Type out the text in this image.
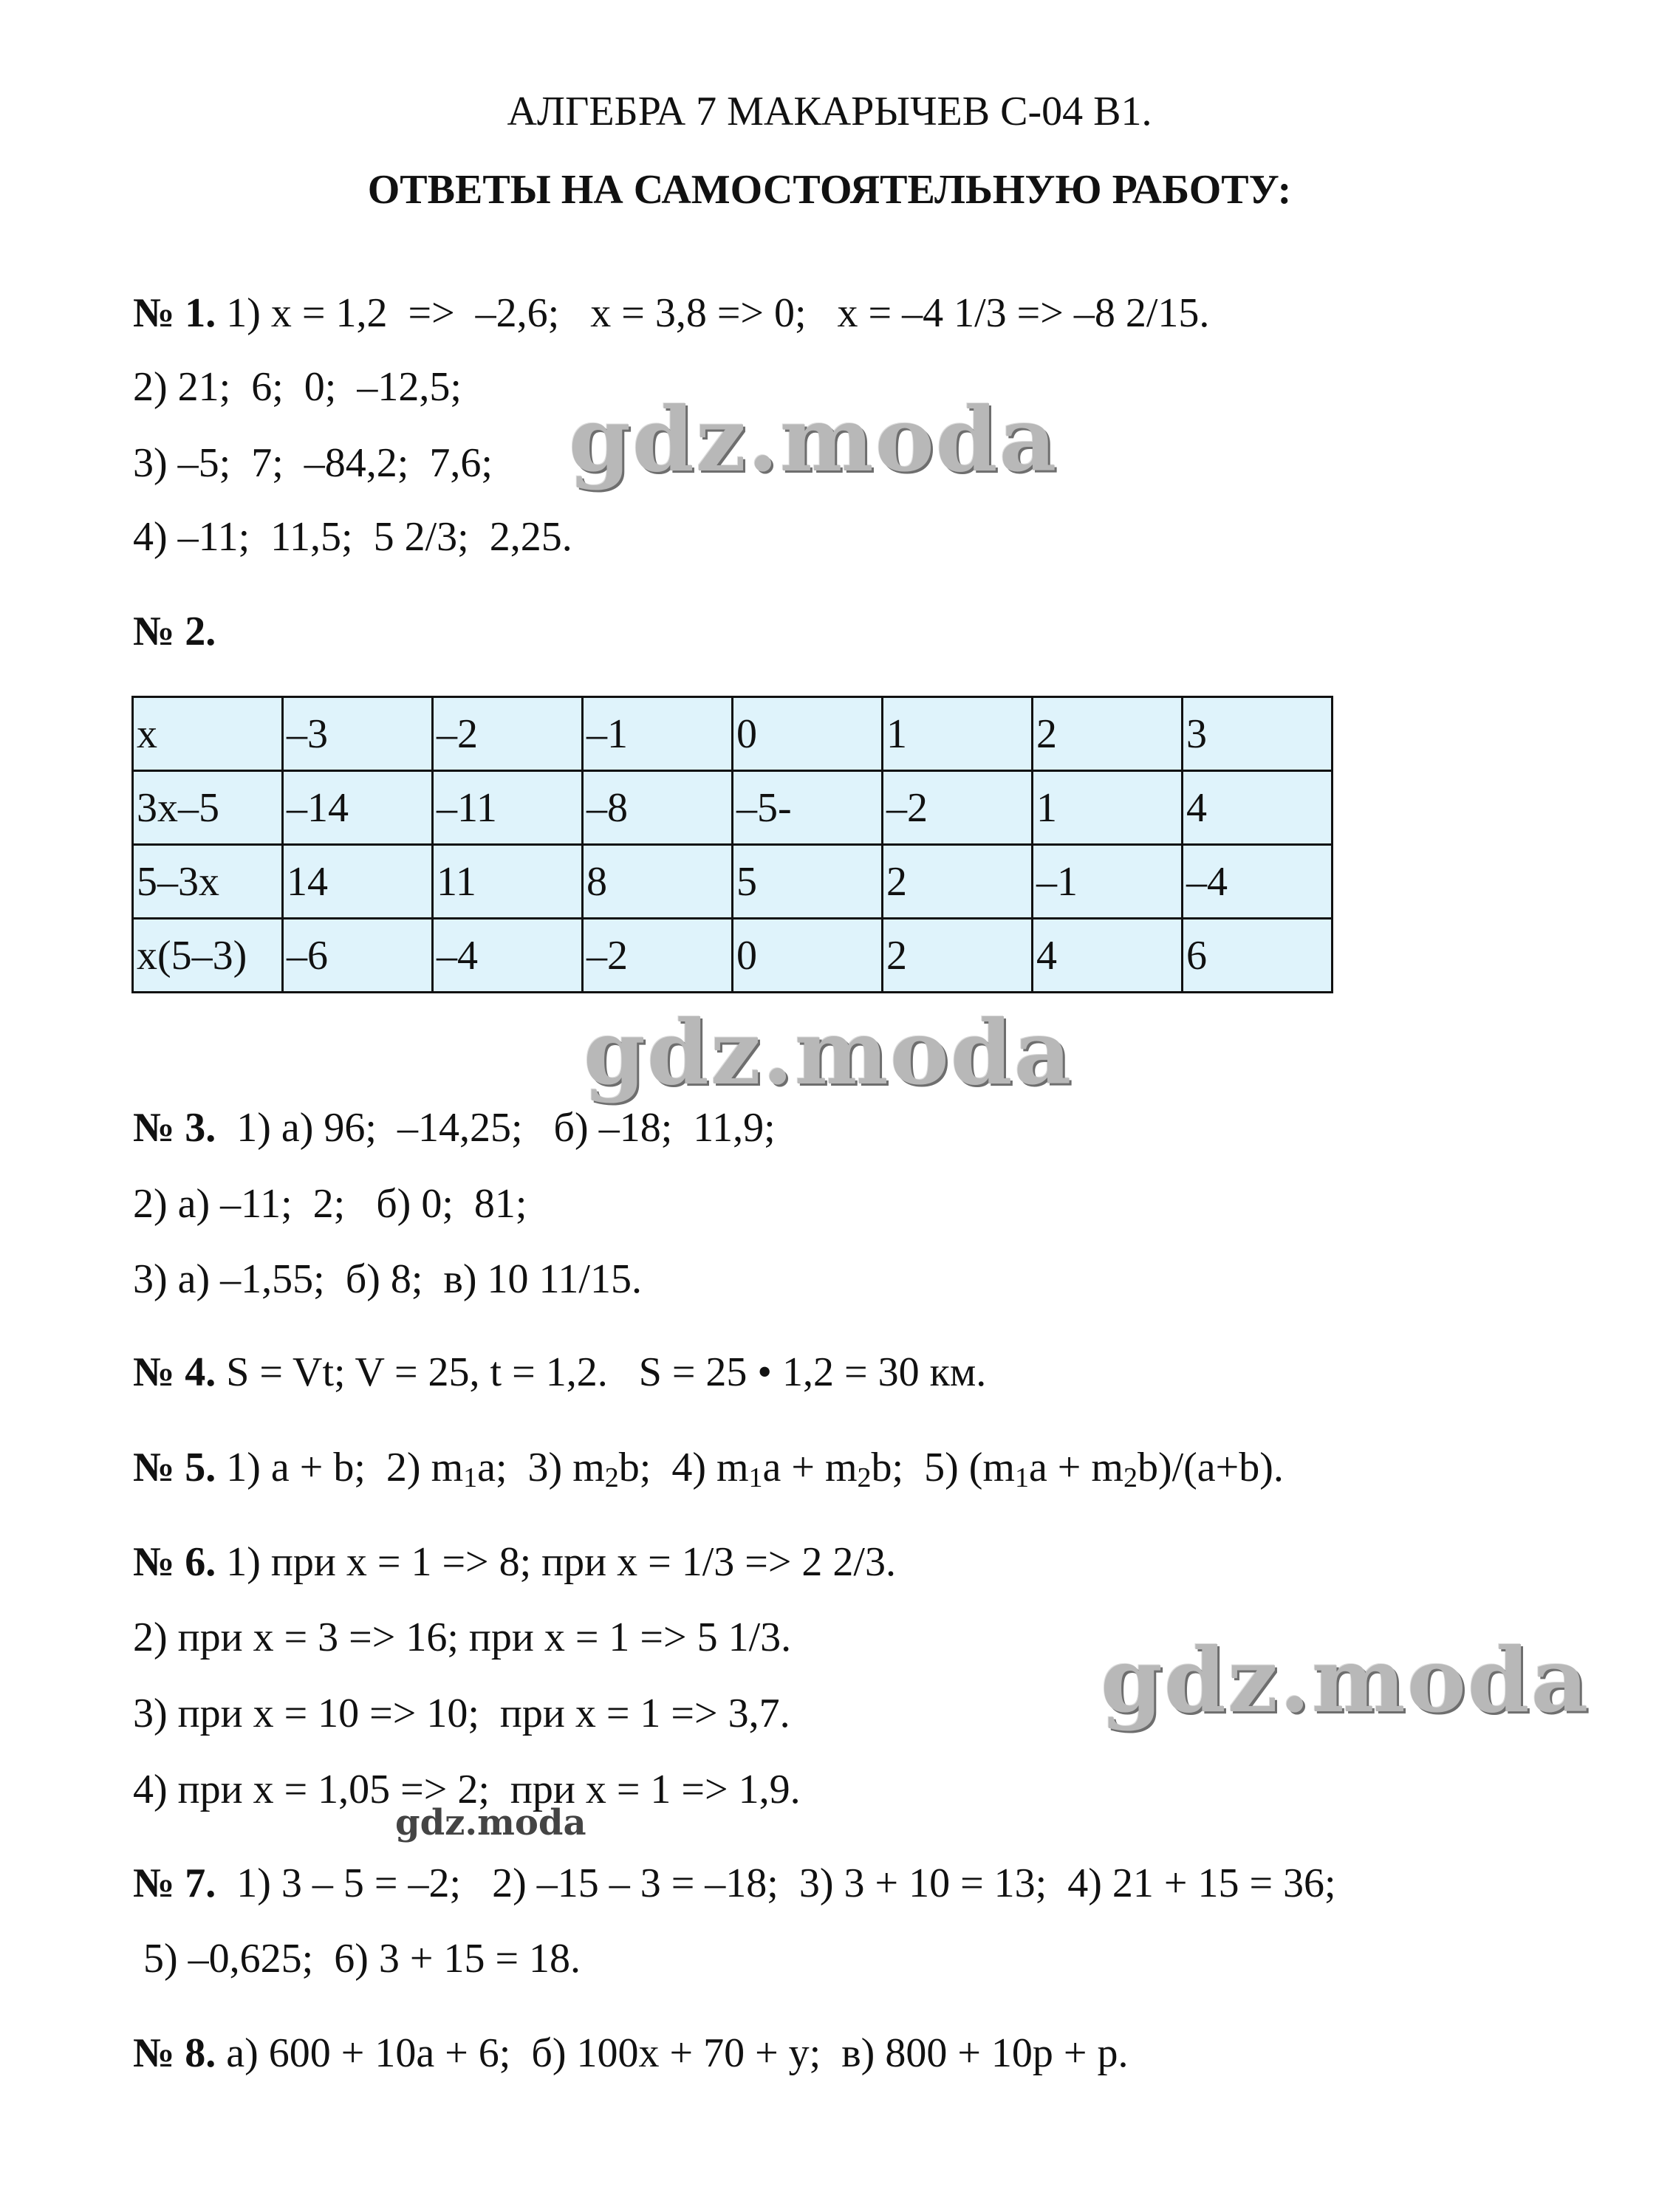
АЛГЕБРА 7 МАКАРЫЧЕВ С-04 В1.
ОТВЕТЫ НА САМОСТОЯТЕЛЬНУЮ РАБОТУ:
№ 1. 1) x = 1,2  =>  –2,6;   x = 3,8 => 0;   x = –4 1/3 => –8 2/15.
2) 21;  6;  0;  –12,5;
3) –5;  7;  –84,2;  7,6;
4) –11;  11,5;  5 2/3;  2,25.
№ 2.
x	–3	–2	–1	0	1	2	3
3x–5	–14	–11	–8	–5-	–2	1	4
5–3x	14	11	8	5	2	–1	–4
x(5–3)	–6	–4	–2	0	2	4	6
№ 3.  1) а) 96;  –14,25;   б) –18;  11,9;
2) а) –11;  2;   б) 0;  81;
3) а) –1,55;  б) 8;  в) 10 11/15.
№ 4. S = Vt; V = 25, t = 1,2.   S = 25 • 1,2 = 30 км.
№ 5. 1) a + b;  2) $m_1a$;  3) $m_2b$;  4) $m_1a + m_2b$;  5) $(m_1a + m_2b)/(a+b)$.
№ 6. 1) при x = 1 => 8; при x = 1/3 => 2 2/3.
2) при x = 3 => 16; при x = 1 => 5 1/3.
3) при x = 10 => 10;  при x = 1 => 3,7.
4) при x = 1,05 => 2;  при x = 1 => 1,9.
№ 7.  1) 3 – 5 = –2;   2) –15 – 3 = –18;  3) 3 + 10 = 13;  4) 21 + 15 = 36;
5) –0,625;  6) 3 + 15 = 18.
№ 8. а) 600 + 10a + 6;  б) 100x + 70 + y;  в) 800 + 10p + p.
gdz.moda
gdz.moda
gdz.moda
gdz.moda
